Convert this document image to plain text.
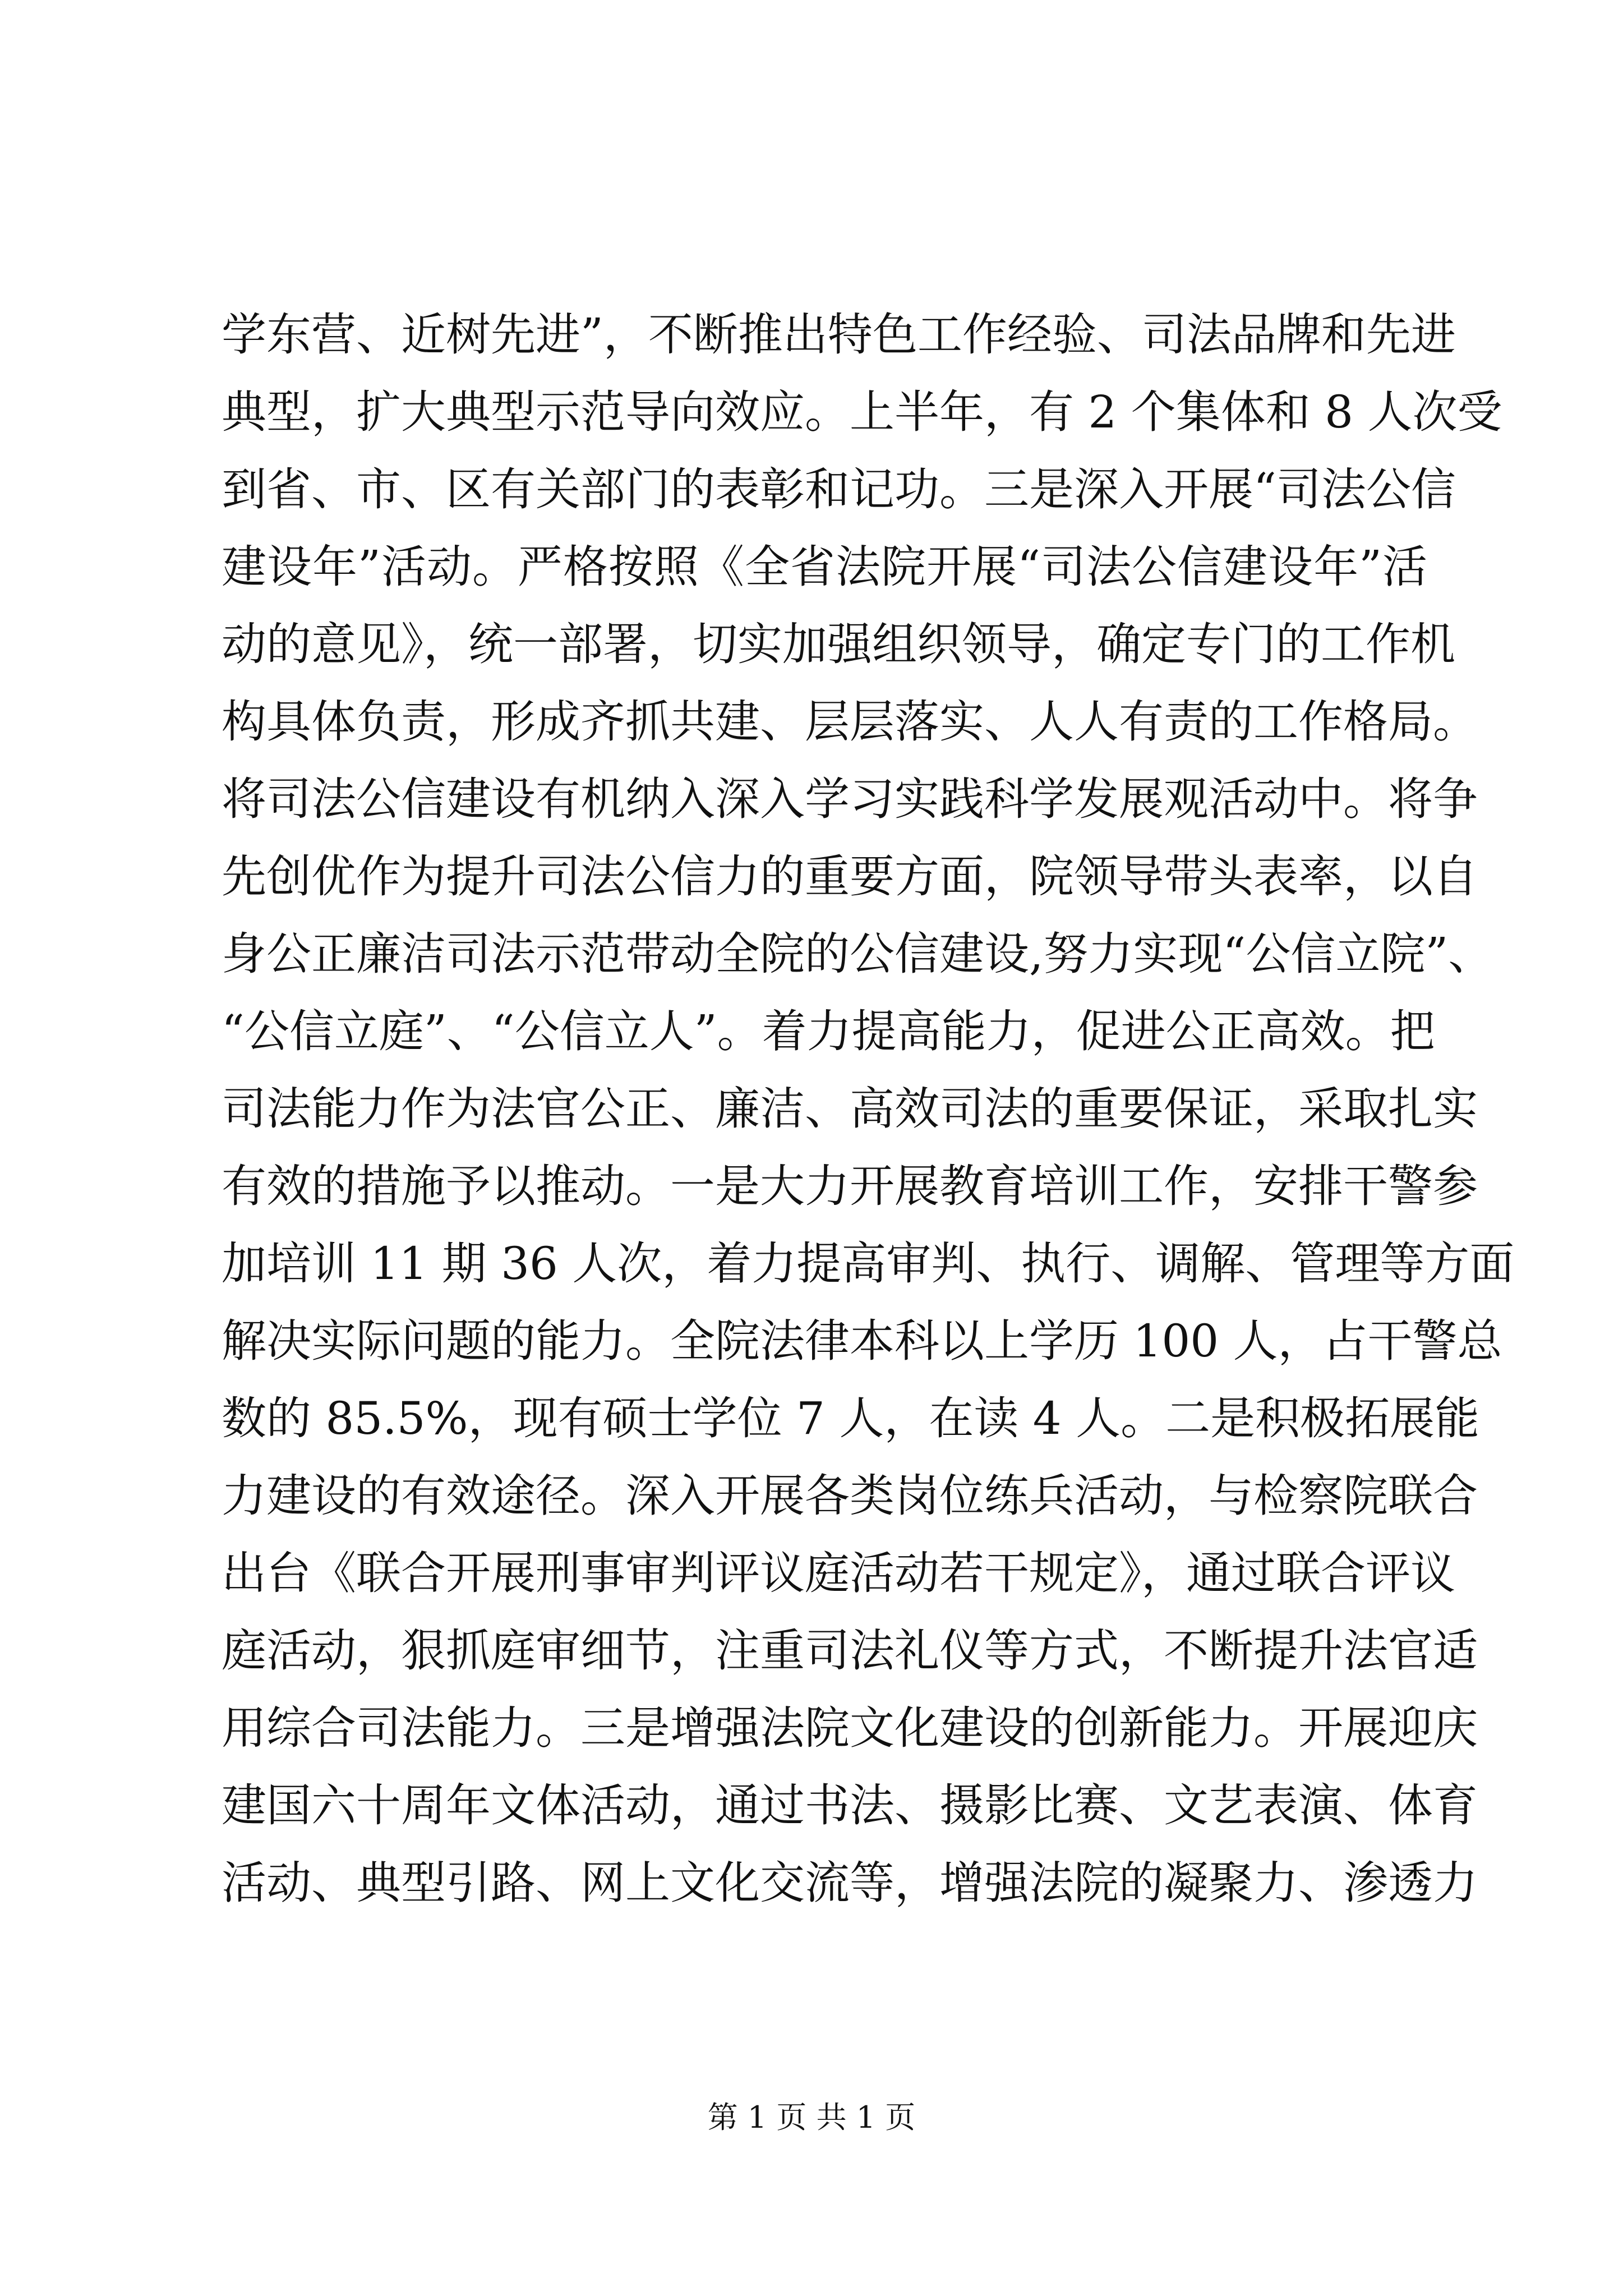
学东营、近树先进”，不断推出特色工作经验、司法品牌和先进
典型，扩大典型示范导向效应。上半年，有 2 个集体和 8 人次受
到省、市、区有关部门的表彰和记功。三是深入开展“司法公信
建设年”活动。严格按照《全省法院开展“司法公信建设年”活
动的意见》，统一部署，切实加强组织领导，确定专门的工作机
构具体负责，形成齐抓共建、层层落实、人人有责的工作格局。
将司法公信建设有机纳入深入学习实践科学发展观活动中。将争
先创优作为提升司法公信力的重要方面，院领导带头表率，以自
身公正廉洁司法示范带动全院的公信建设,努力实现“公信立院”、
“公信立庭”、“公信立人”。着力提高能力，促进公正高效。把
司法能力作为法官公正、廉洁、高效司法的重要保证，采取扎实
有效的措施予以推动。一是大力开展教育培训工作，安排干警参
加培训 11 期 36 人次，着力提高审判、执行、调解、管理等方面
解决实际问题的能力。全院法律本科以上学历 100 人，占干警总
数的 85.5%，现有硕士学位 7 人，在读 4 人。二是积极拓展能
力建设的有效途径。深入开展各类岗位练兵活动，与检察院联合
出台《联合开展刑事审判评议庭活动若干规定》，通过联合评议
庭活动，狠抓庭审细节，注重司法礼仪等方式，不断提升法官适
用综合司法能力。三是增强法院文化建设的创新能力。开展迎庆
建国六十周年文体活动，通过书法、摄影比赛、文艺表演、体育
活动、典型引路、网上文化交流等，增强法院的凝聚力、渗透力
第 1 页 共 1 页
